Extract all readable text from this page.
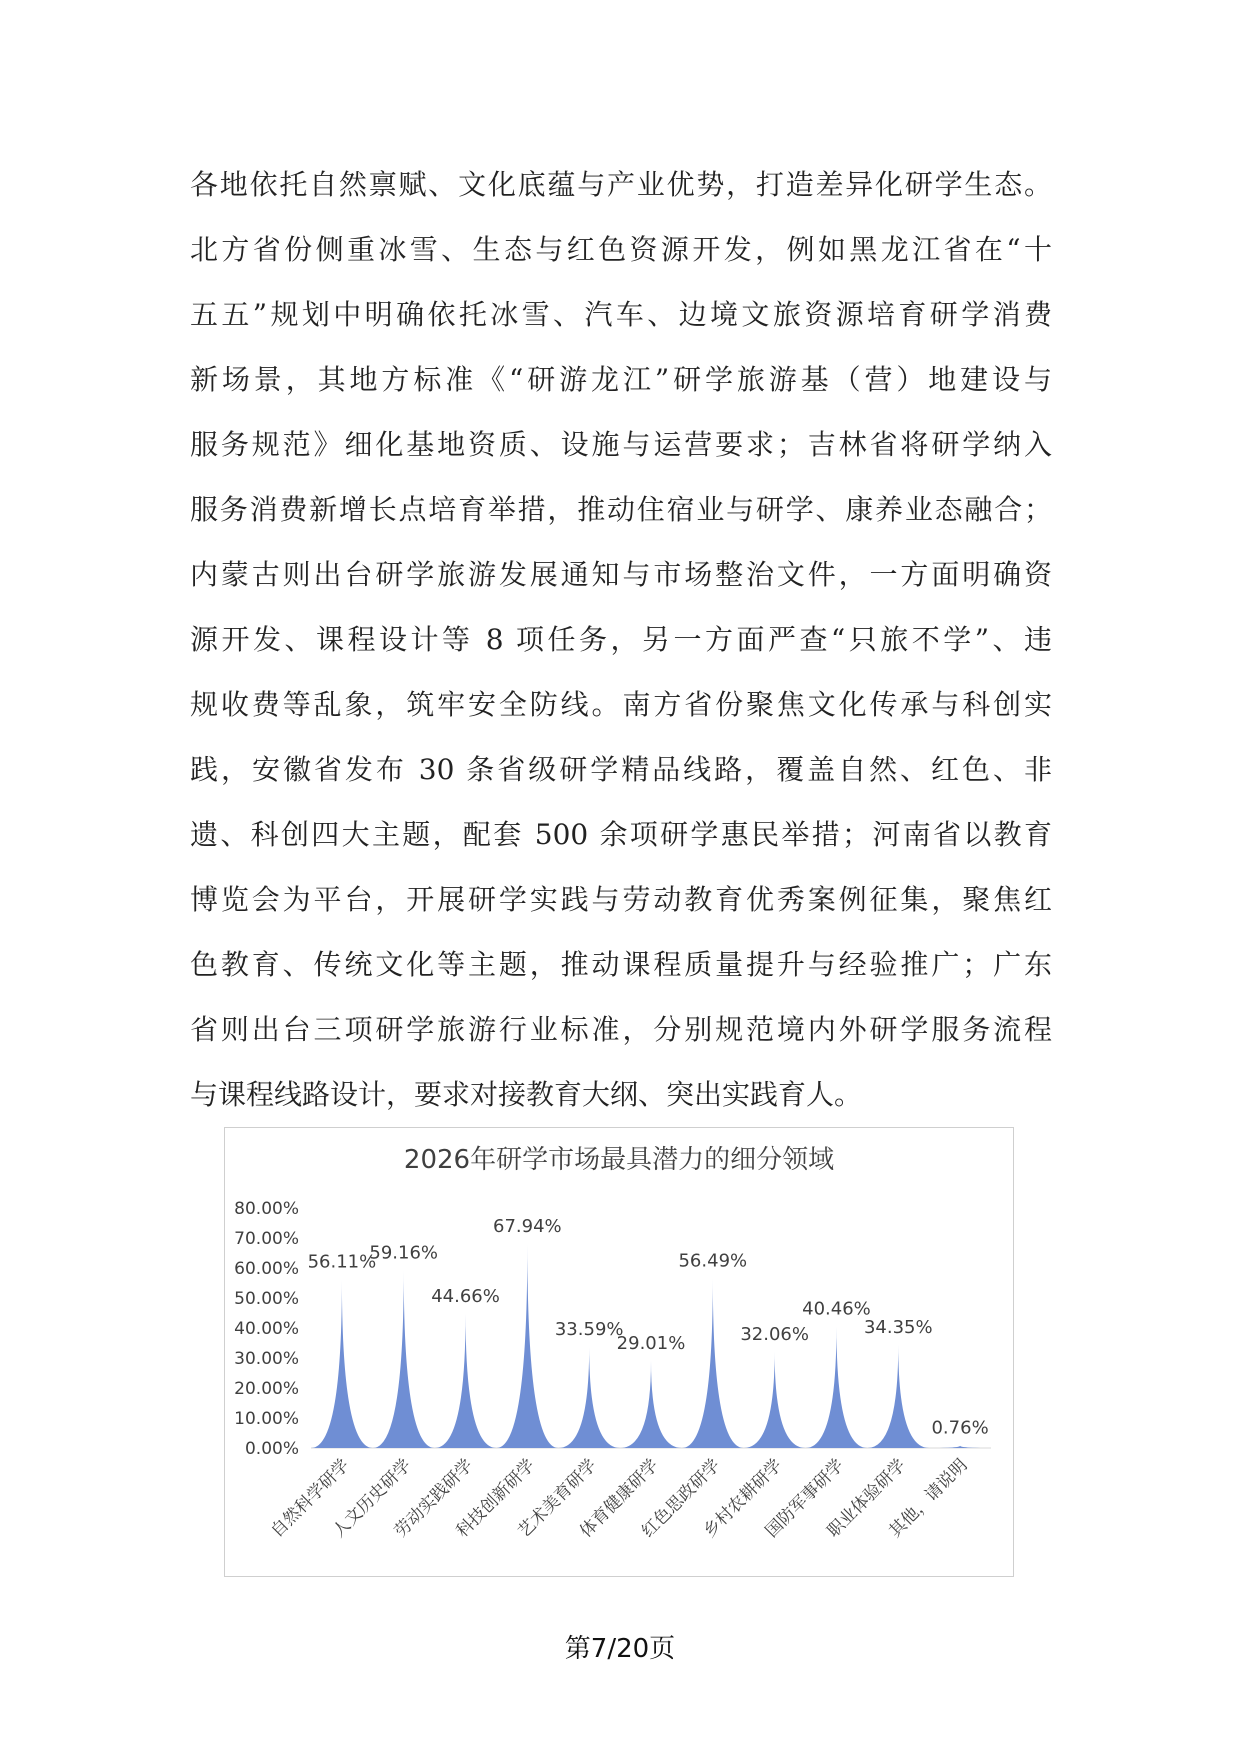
各地依托自然禀赋、文化底蕴与产业优势，打造差异化研学生态。
北方省份侧重冰雪、生态与红色资源开发，例如黑龙江省在“十
五五”规划中明确依托冰雪、汽车、边境文旅资源培育研学消费
新场景，其地方标准《“研游龙江”研学旅游基（营）地建设与
服务规范》细化基地资质、设施与运营要求；吉林省将研学纳入
服务消费新增长点培育举措，推动住宿业与研学、康养业态融合；
内蒙古则出台研学旅游发展通知与市场整治文件，一方面明确资
源开发、课程设计等 8 项任务，另一方面严查“只旅不学”、违
规收费等乱象，筑牢安全防线。南方省份聚焦文化传承与科创实
践，安徽省发布 30 条省级研学精品线路，覆盖自然、红色、非
遗、科创四大主题，配套 500 余项研学惠民举措；河南省以教育
博览会为平台，开展研学实践与劳动教育优秀案例征集，聚焦红
色教育、传统文化等主题，推动课程质量提升与经验推广；广东
省则出台三项研学旅游行业标准，分别规范境内外研学服务流程
与课程线路设计，要求对接教育大纲、突出实践育人。
2026年研学市场最具潜力的细分领域
0.00%
10.00%
20.00%
30.00%
40.00%
50.00%
60.00%
70.00%
80.00%
56.11%
自然科学研学
59.16%
人文历史研学
44.66%
劳动实践研学
67.94%
科技创新研学
33.59%
艺术美育研学
29.01%
体育健康研学
56.49%
红色思政研学
32.06%
乡村农耕研学
40.46%
国防军事研学
34.35%
职业体验研学
0.76%
其他，请说明
第7/20页
